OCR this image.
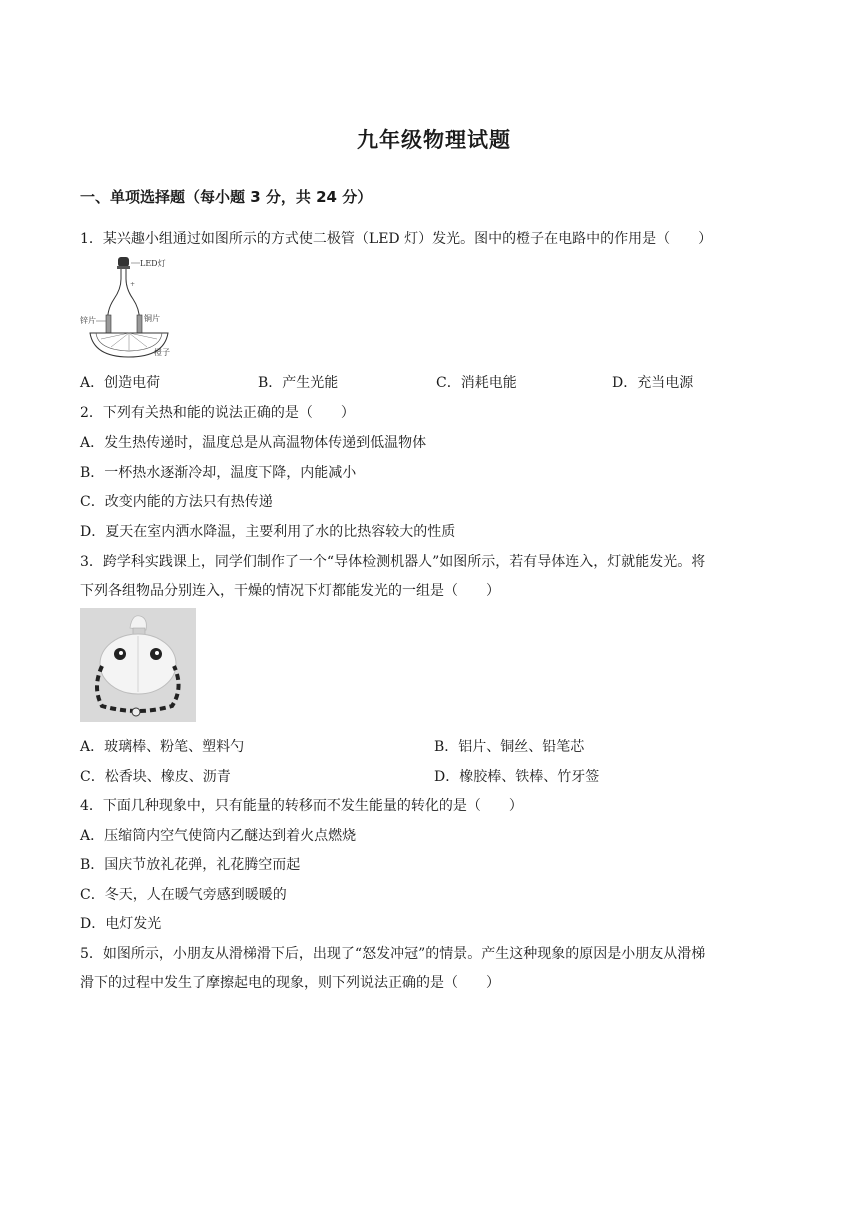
九年级物理试题
一、单项选择题（每小题 3 分，共 24 分）
1．某兴趣小组通过如图所示的方式使二极管（LED 灯）发光。图中的橙子在电路中的作用是（　　）
LED灯
+
锌片	铜片
橙子
A．创造电荷	B．产生光能	C．消耗电能	D．充当电源
2．下列有关热和能的说法正确的是（　　）
A．发生热传递时，温度总是从高温物体传递到低温物体
B．一杯热水逐渐冷却，温度下降，内能减小
C．改变内能的方法只有热传递
D．夏天在室内洒水降温，主要利用了水的比热容较大的性质
3．跨学科实践课上，同学们制作了一个“导体检测机器人”如图所示，若有导体连入，灯就能发光。将
下列各组物品分别连入，干燥的情况下灯都能发光的一组是（　　）
A．玻璃棒、粉笔、塑料勺	B．铝片、铜丝、铅笔芯
C．松香块、橡皮、沥青	D．橡胶棒、铁棒、竹牙签
4．下面几种现象中，只有能量的转移而不发生能量的转化的是（　　）
A．压缩筒内空气使筒内乙醚达到着火点燃烧
B．国庆节放礼花弹，礼花腾空而起
C．冬天，人在暖气旁感到暖暖的
D．电灯发光
5．如图所示，小朋友从滑梯滑下后，出现了“怒发冲冠”的情景。产生这种现象的原因是小朋友从滑梯
滑下的过程中发生了摩擦起电的现象，则下列说法正确的是（　　）
